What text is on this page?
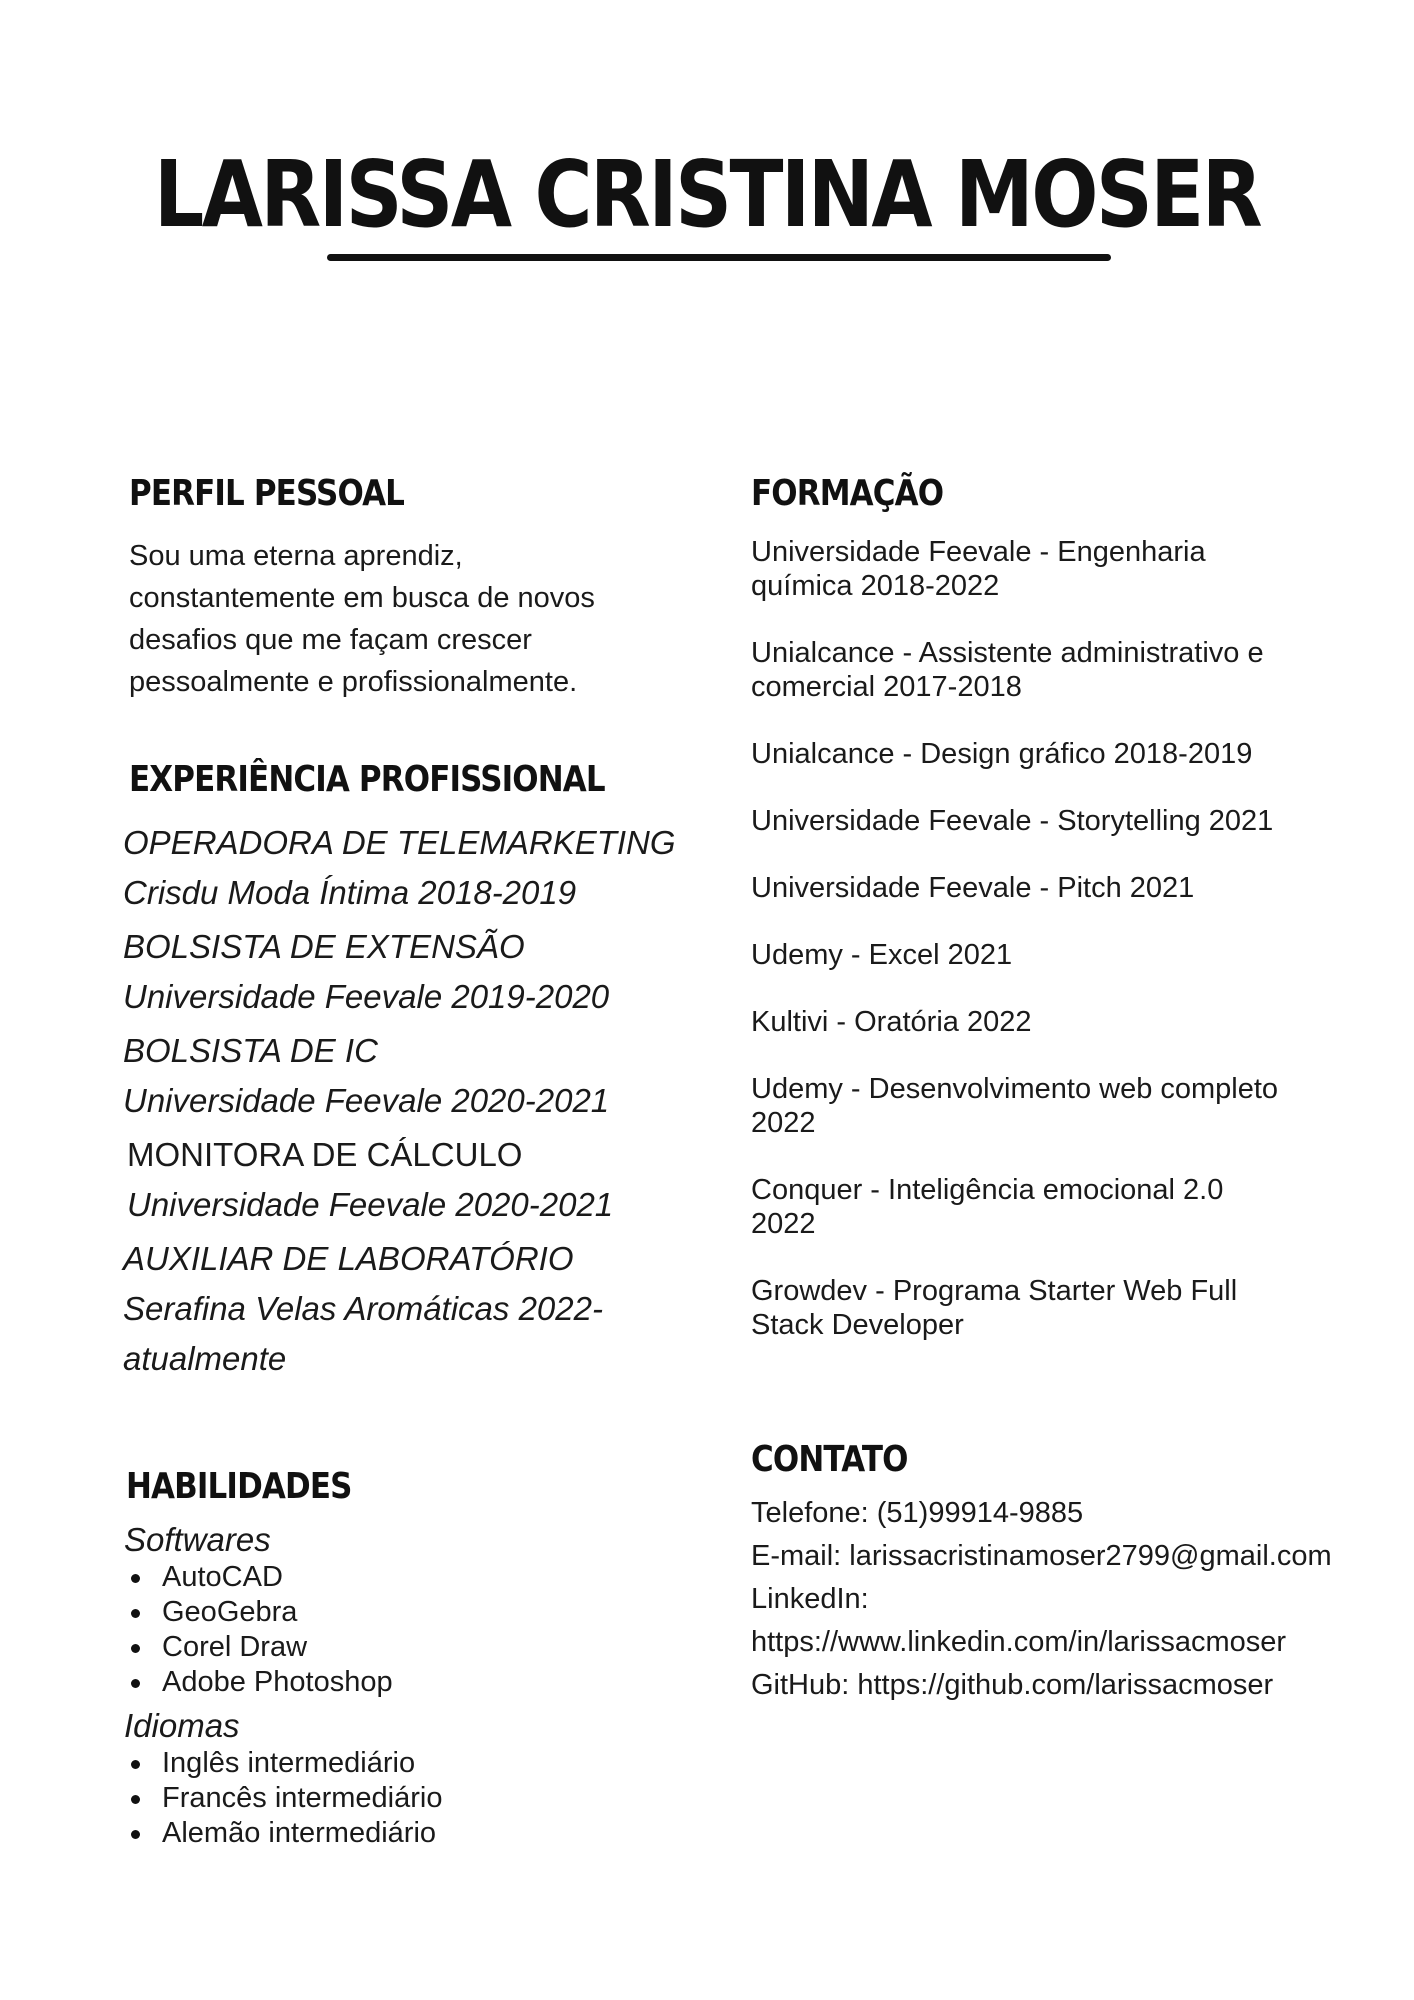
LARISSA CRISTINA MOSER
PERFIL PESSOAL

Sou uma eterna aprendiz,

constantemente em busca de novos

desafios que me façam crescer

pessoalmente e profissionalmente.

EXPERIÊNCIA PROFISSIONAL

OPERADORA DE TELEMARKETING

Crisdu Moda Íntima 2018-2019

BOLSISTA DE EXTENSÃO

Universidade Feevale 2019-2020

BOLSISTA DE IC

Universidade Feevale 2020-2021

MONITORA DE CÁLCULO

Universidade Feevale 2020-2021

AUXILIAR DE LABORATÓRIO

Serafina Velas Aromáticas 2022-

atualmente

HABILIDADES

Softwares

AutoCAD
GeoGebra
Corel Draw
Adobe Photoshop

Idiomas

Inglês intermediário
Francês intermediário
Alemão intermediário
FORMAÇÃO

Universidade Feevale - Engenharia

química 2018-2022

Unialcance - Assistente administrativo e

comercial 2017-2018

Unialcance - Design gráfico 2018-2019

Universidade Feevale - Storytelling 2021

Universidade Feevale - Pitch 2021

Udemy - Excel 2021

Kultivi - Oratória 2022

Udemy - Desenvolvimento web completo

2022

Conquer - Inteligência emocional 2.0

2022

Growdev - Programa Starter Web Full

Stack Developer

CONTATO

Telefone: (51)99914-9885

E-mail: larissacristinamoser2799@gmail.com

LinkedIn:

https://www.linkedin.com/in/larissacmoser

GitHub: https://github.com/larissacmoser
